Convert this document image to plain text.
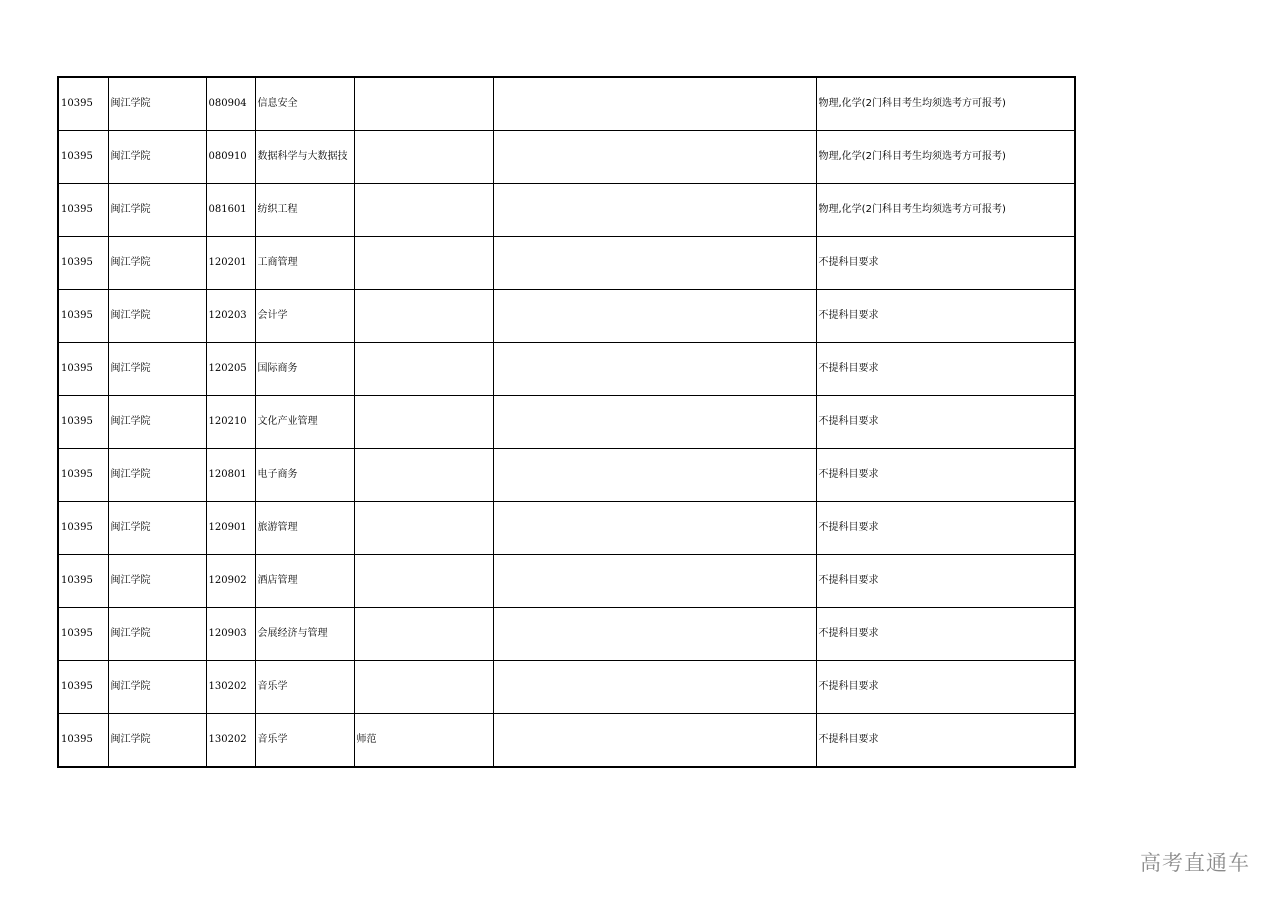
10395	闽江学院	080904	信息安全			物理,化学(2门科目考生均须选考方可报考)
10395	闽江学院	080910	数据科学与大数据技			物理,化学(2门科目考生均须选考方可报考)
10395	闽江学院	081601	纺织工程			物理,化学(2门科目考生均须选考方可报考)
10395	闽江学院	120201	工商管理			不提科目要求
10395	闽江学院	120203	会计学			不提科目要求
10395	闽江学院	120205	国际商务			不提科目要求
10395	闽江学院	120210	文化产业管理			不提科目要求
10395	闽江学院	120801	电子商务			不提科目要求
10395	闽江学院	120901	旅游管理			不提科目要求
10395	闽江学院	120902	酒店管理			不提科目要求
10395	闽江学院	120903	会展经济与管理			不提科目要求
10395	闽江学院	130202	音乐学			不提科目要求
10395	闽江学院	130202	音乐学	师范		不提科目要求
高考直通车
